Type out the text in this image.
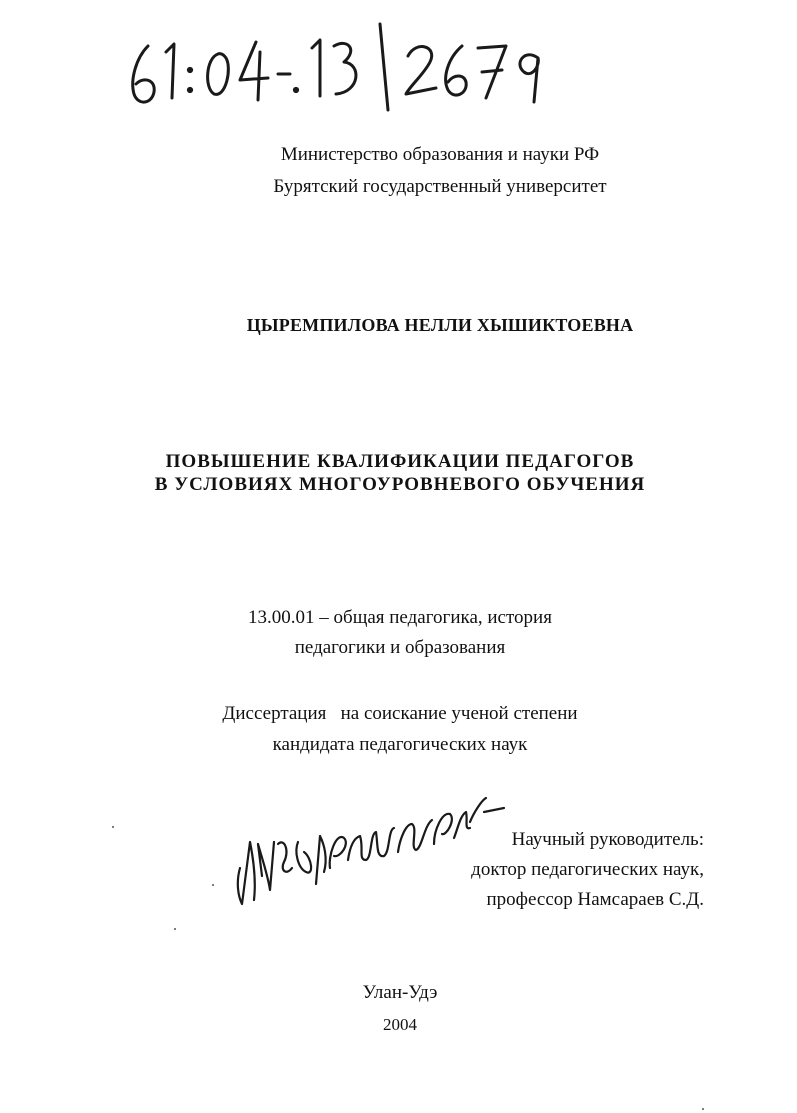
Министерство образования и науки РФ
Бурятский государственный университет
ЦЫРЕМПИЛОВА НЕЛЛИ ХЫШИКТОЕВНА
ПОВЫШЕНИЕ КВАЛИФИКАЦИИ ПЕДАГОГОВ
В УСЛОВИЯХ МНОГОУРОВНЕВОГО ОБУЧЕНИЯ
13.00.01 – общая педагогика, история
педагогики и образования
Диссертация   на соискание ученой степени
кандидата педагогических наук
Научный руководитель:
доктор педагогических наук,
профессор Намсараев С.Д.
Улан-Удэ
2004
